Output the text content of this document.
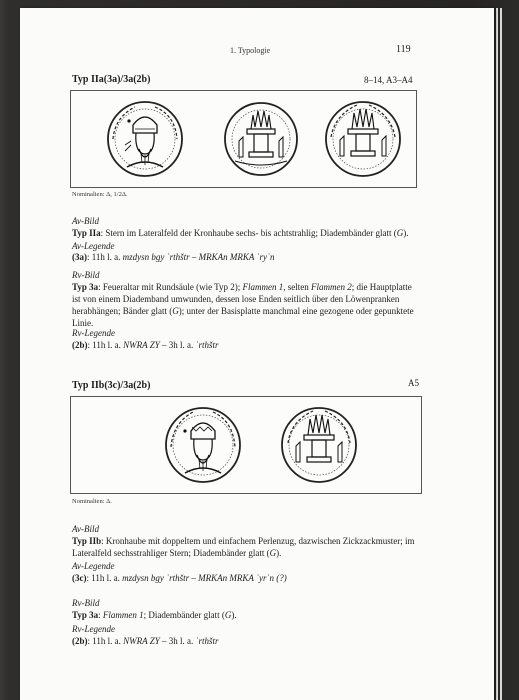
1. Typologie	119
Typ IIa(3a)/3a(2b)	8–14, A3–A4
Nominalien: Δ, 1/2Δ.
Av-Bild
Typ IIa: Stern im Lateralfeld der Kronhaube sechs- bis achtstrahlig; Diadembänder glatt (G).
Av-Legende
(3a): 11h l. a. mzdysn bgy ʾrthštr – MRKAn MRKA ʾryʾn
Rv-Bild
Typ 3a: Feueraltar mit Rundsäule (wie Typ 2); Flammen 1, selten Flammen 2; die Hauptplatte ist von einem Diademband umwunden, dessen lose Enden seitlich über den Löwenpranken herabhängen; Bänder glatt (G); unter der Basisplatte manchmal eine gezogene oder gepunktete Linie.
Rv-Legende
(2b): 11h l. a. NWRA ZY – 3h l. a. ʾrthštr
Typ IIb(3c)/3a(2b)	A5
Nominalien: Δ.
Av-Bild
Typ IIb: Kronhaube mit doppeltem und einfachem Perlenzug, dazwischen Zickzackmuster; im Lateralfeld sechsstrahliger Stern; Diadembänder glatt (G).
Av-Legende
(3c): 11h l. a. mzdysn bgy ʾrthštr – MRKAn MRKA ʾyrʾn (?)
Rv-Bild
Typ 3a: Flammen 1; Diadembänder glatt (G).
Rv-Legende
(2b): 11h l. a. NWRA ZY – 3h l. a. ʾrthštr
